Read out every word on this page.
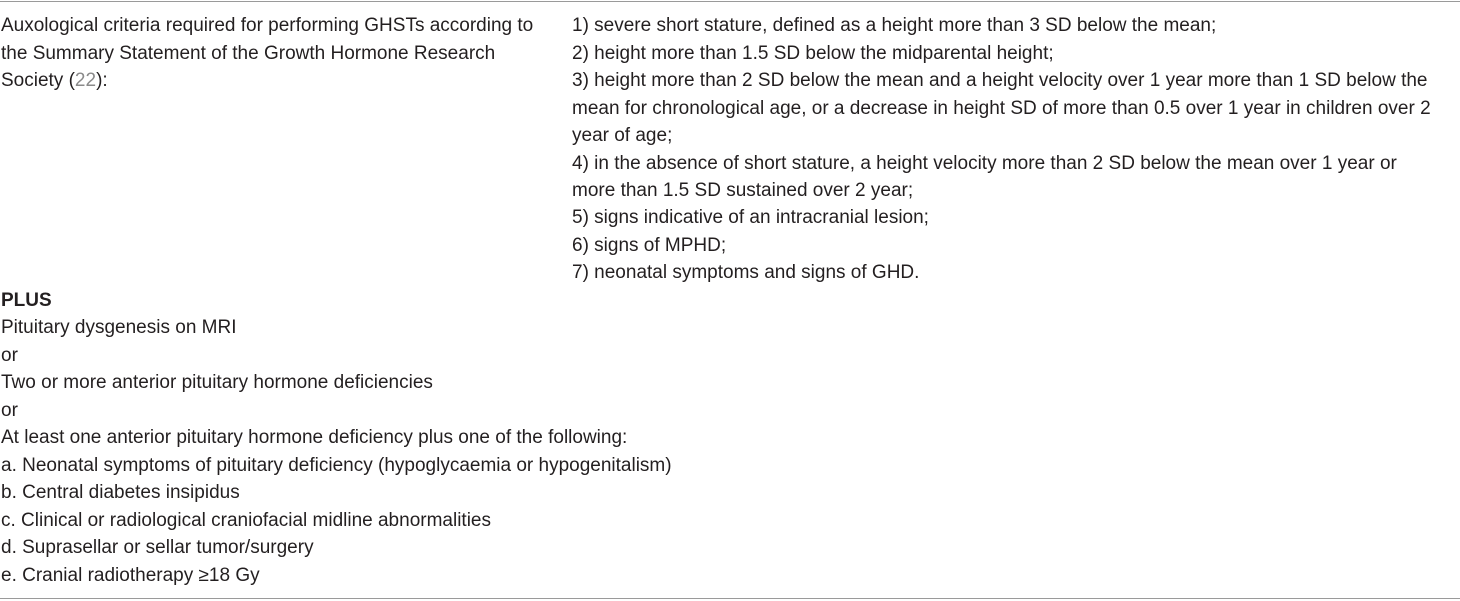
Auxological criteria required for performing GHSTs according to
the Summary Statement of the Growth Hormone Research
Society (22):
1) severe short stature, defined as a height more than 3 SD below the mean;
2) height more than 1.5 SD below the midparental height;
3) height more than 2 SD below the mean and a height velocity over 1 year more than 1 SD below the
mean for chronological age, or a decrease in height SD of more than 0.5 over 1 year in children over 2
year of age;
4) in the absence of short stature, a height velocity more than 2 SD below the mean over 1 year or
more than 1.5 SD sustained over 2 year;
5) signs indicative of an intracranial lesion;
6) signs of MPHD;
7) neonatal symptoms and signs of GHD.
PLUS
Pituitary dysgenesis on MRI
or
Two or more anterior pituitary hormone deficiencies
or
At least one anterior pituitary hormone deficiency plus one of the following:
a. Neonatal symptoms of pituitary deficiency (hypoglycaemia or hypogenitalism)
b. Central diabetes insipidus
c. Clinical or radiological craniofacial midline abnormalities
d. Suprasellar or sellar tumor/surgery
e. Cranial radiotherapy ≥18 Gy
